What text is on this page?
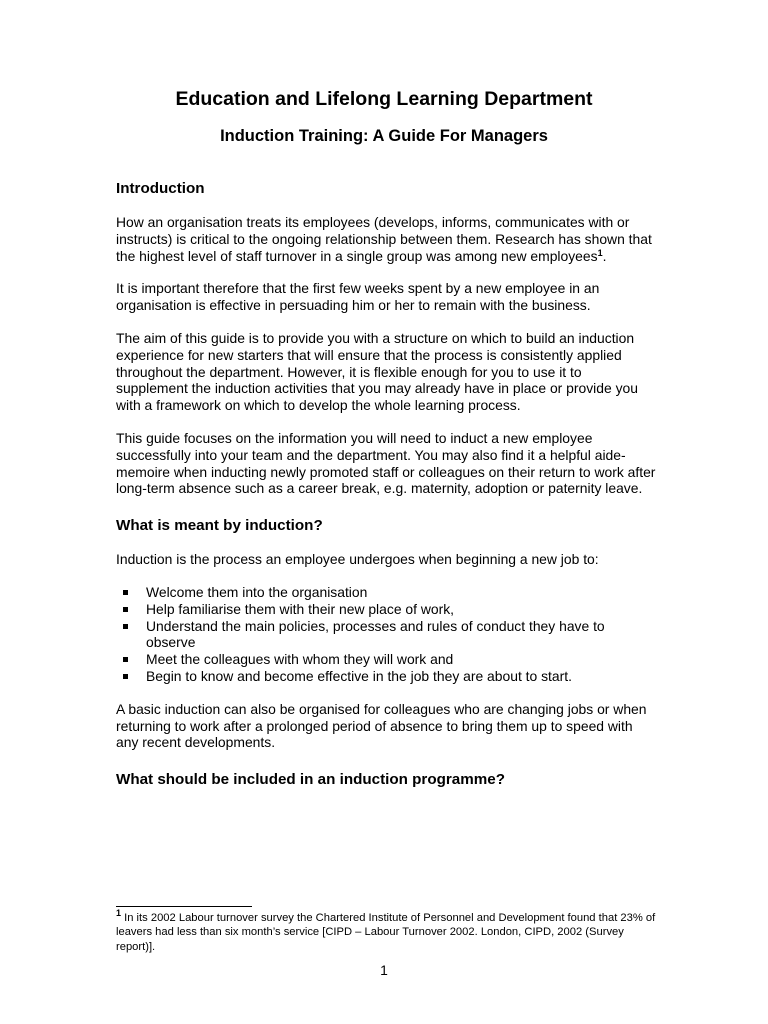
Education and Lifelong Learning Department
Induction Training: A Guide For Managers
Introduction

How an organisation treats its employees (develops, informs, communicates with or instructs) is critical to the ongoing relationship between them. Research has shown that the highest level of staff turnover in a single group was among new employees$^1$.

It is important therefore that the first few weeks spent by a new employee in an organisation is effective in persuading him or her to remain with the business.

The aim of this guide is to provide you with a structure on which to build an induction experience for new starters that will ensure that the process is consistently applied throughout the department. However, it is flexible enough for you to use it to supplement the induction activities that you may already have in place or provide you with a framework on which to develop the whole learning process.

This guide focuses on the information you will need to induct a new employee successfully into your team and the department. You may also find it a helpful aide-memoire when inducting newly promoted staff or colleagues on their return to work after long-term absence such as a career break, e.g. maternity, adoption or paternity leave.

What is meant by induction?

Induction is the process an employee undergoes when beginning a new job to:

Welcome them into the organisation
Help familiarise them with their new place of work,
Understand the main policies, processes and rules of conduct they have to observe
Meet the colleagues with whom they will work and
Begin to know and become effective in the job they are about to start.

A basic induction can also be organised for colleagues who are changing jobs or when returning to work after a prolonged period of absence to bring them up to speed with any recent developments.

What should be included in an induction programme?
$^1$ In its 2002 Labour turnover survey the Chartered Institute of Personnel and Development found that 23% of leavers had less than six month’s service [CIPD – Labour Turnover 2002. London, CIPD, 2002 (Survey report)].
1
